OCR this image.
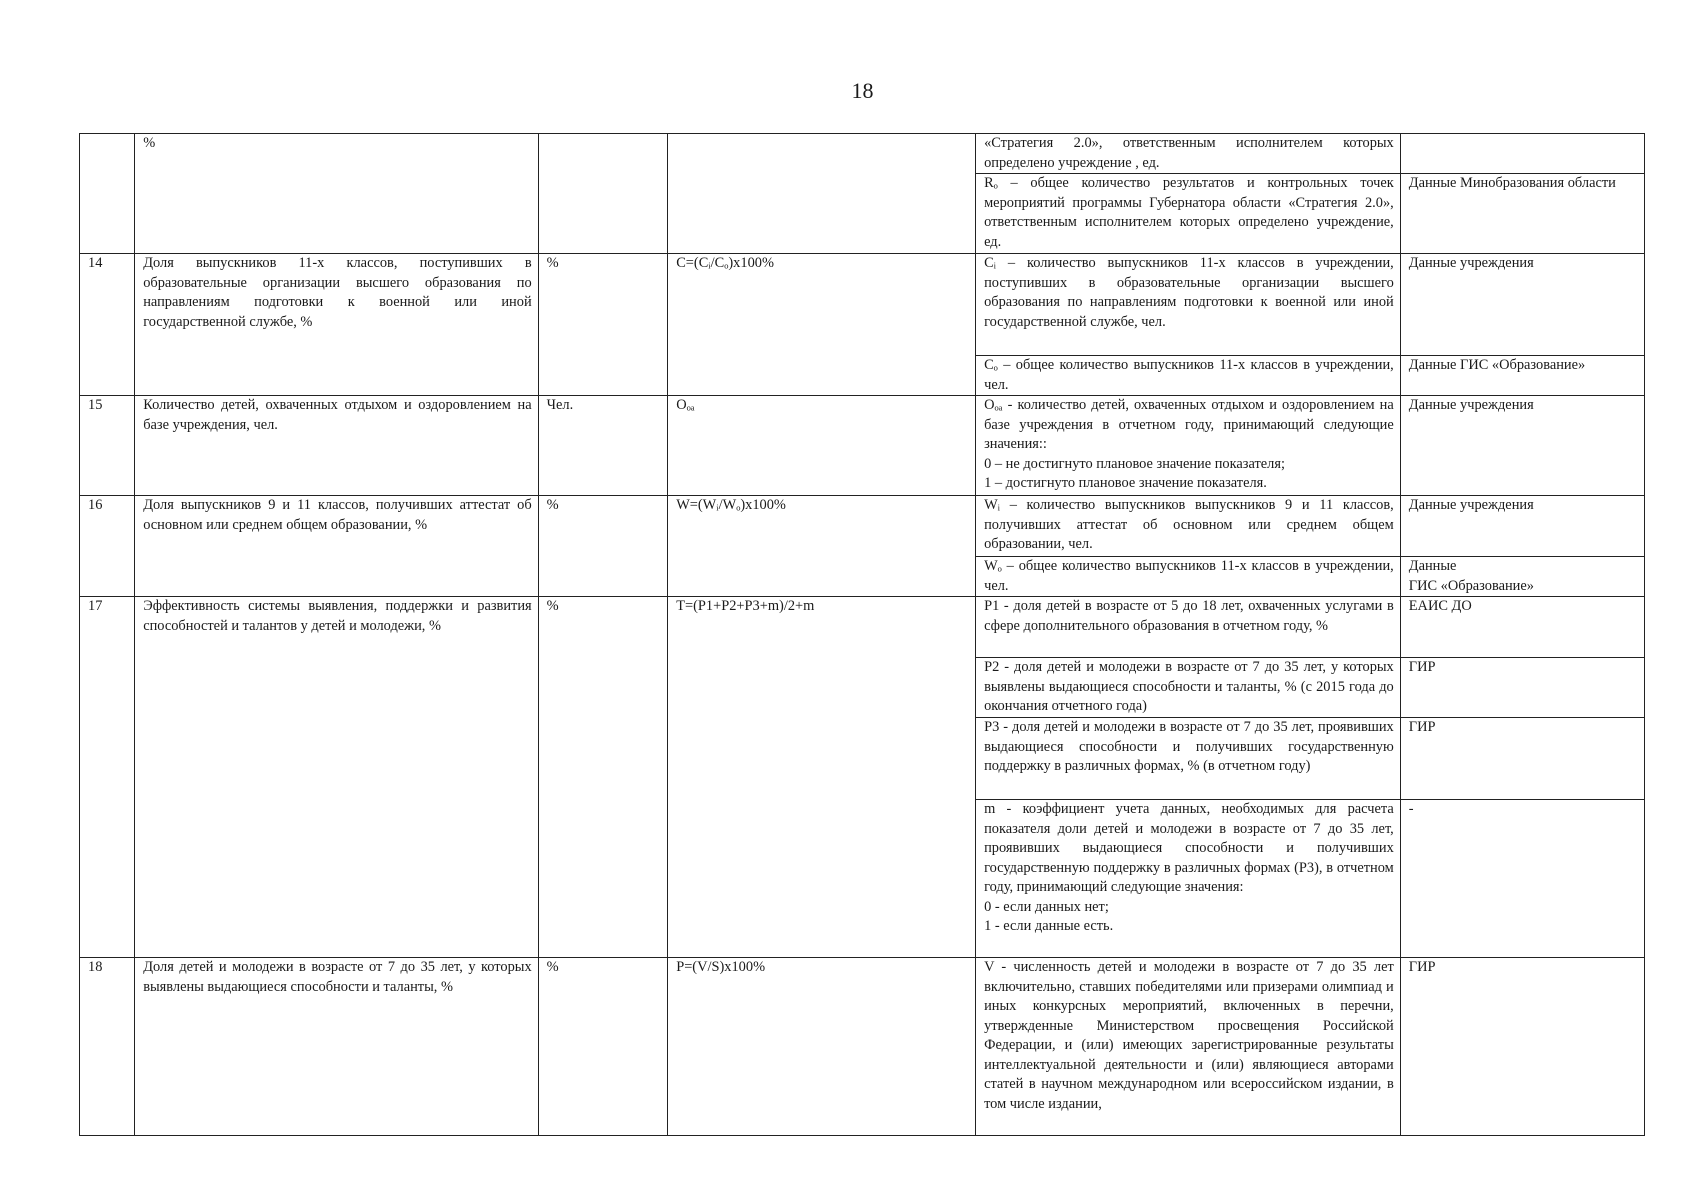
18
	%			«Стратегия 2.0», ответственным исполнителем которых определено учреждение , ед.	
				Rₒ – общее количество результатов и контрольных точек мероприятий программы Губернатора области «Стратегия 2.0», ответственным исполнителем которых определено учреждение, ед.	Данные Минобразования области
14	Доля выпускников 11-х классов, поступивших в образовательные организации высшего образования по направлениям подготовки к военной или иной государственной службе, %	%	C=(Cᵢ/Cₒ)x100%	Cᵢ – количество выпускников 11-х классов в учреждении, поступивших в образовательные организации высшего образования по направлениям подготовки к военной или иной государственной службе, чел.	Данные учреждения
				Cₒ – общее количество выпускников 11-х классов в учреждении, чел.	Данные ГИС «Образование»
15	Количество детей, охваченных отдыхом и оздоровлением на базе учреждения, чел.	Чел.	Oₒₐ	Oₒₐ - количество детей, охваченных отдыхом и оздоровлением на базе учреждения в отчетном году, принимающий следующие значения::
0 – не достигнуто плановое значение показателя;
1 – достигнуто плановое значение показателя.	Данные учреждения
16	Доля выпускников 9 и 11 классов, получивших аттестат об основном или среднем общем образовании, %	%	W=(Wᵢ/Wₒ)x100%	Wᵢ – количество выпускников выпускников 9 и 11 классов, получивших аттестат об основном или среднем общем образовании, чел.	Данные учреждения
				Wₒ – общее количество выпускников 11-х классов в учреждении, чел.	Данные
ГИС «Образование»
17	Эффективность системы выявления, поддержки и развития способностей и талантов у детей и молодежи, %	%	T=(P1+P2+P3+m)/2+m	P1 - доля детей в возрасте от 5 до 18 лет, охваченных услугами в сфере дополнительного образования в отчетном году, %	ЕАИС ДО
				P2 - доля детей и молодежи в возрасте от 7 до 35 лет, у которых выявлены выдающиеся способности и таланты, % (с 2015 года до окончания отчетного года)	ГИР
				P3 - доля детей и молодежи в возрасте от 7 до 35 лет, проявивших выдающиеся способности и получивших государственную поддержку в различных формах, % (в отчетном году)	ГИР
				m - коэффициент учета данных, необходимых для расчета показателя доли детей и молодежи в возрасте от 7 до 35 лет, проявивших выдающиеся способности и получивших государственную поддержку в различных формах (P3), в отчетном году, принимающий следующие значения:
0 - если данных нет;
1 - если данные есть.	-
18	Доля детей и молодежи в возрасте от 7 до 35 лет, у которых выявлены выдающиеся способности и таланты, %	%	P=(V/S)x100%	V - численность детей и молодежи в возрасте от 7 до 35 лет включительно, ставших победителями или призерами олимпиад и иных конкурсных мероприятий, включенных в перечни, утвержденные Министерством просвещения Российской Федерации, и (или) имеющих зарегистрированные результаты интеллектуальной деятельности и (или) являющиеся авторами статей в научном международном или всероссийском издании, в том числе издании,	ГИР
